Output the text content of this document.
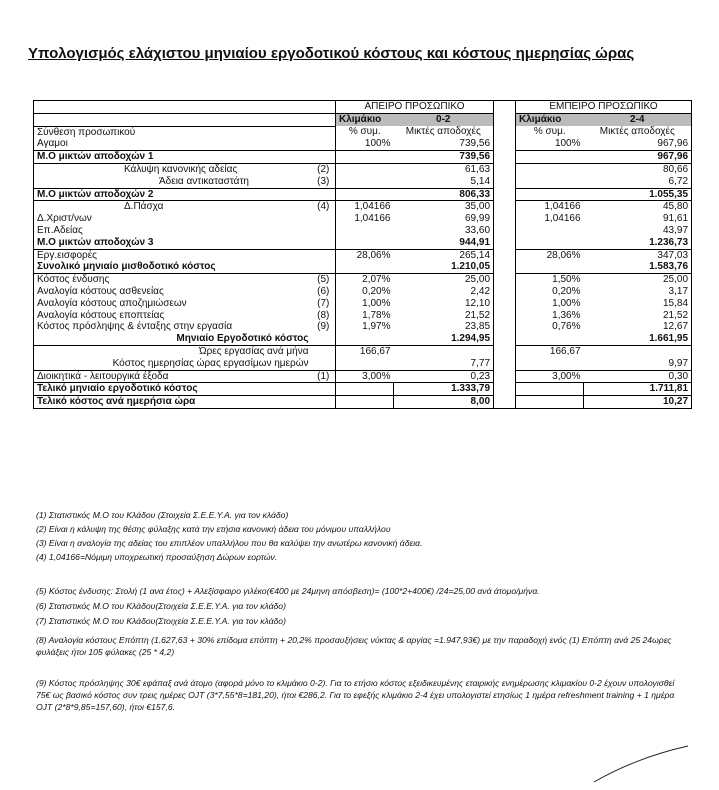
Υπολογισμός ελάχιστου μηνιαίου εργοδοτικού κόστους και κόστους ημερησίας ώρας
		ΑΠΕΙΡΟ ΠΡΟΣΩΠΙΚΟ			ΕΜΠΕΙΡΟ ΠΡΟΣΩΠΙΚΟ	
		Κλιμάκιο	0-2		Κλιμάκιο	2-4
Σύνθεση προσωπικού		% συμ.	Μικτές αποδοχές		% συμ.	Μικτές αποδοχές
Αγαμοι		100%	739,56		100%	967,96
Μ.Ο μικτών αποδοχών 1			739,56			967,96
Κάλυψη κανονικής αδείας	(2)		61,63			80,66
Άδεια αντικαταστάτη	(3)		5,14			6,72
Μ.Ο μικτών αποδοχών 2			806,33			1.055,35
Δ.Πάσχα	(4)	1,04166	35,00		1,04166	45,80
Δ.Χριστ/νων		1,04166	69,99		1,04166	91,61
Επ.Αδείας			33,60			43,97
Μ.Ο μικτών αποδοχών 3			944,91			1.236,73
Εργ.εισφορές		28,06%	265,14		28,06%	347,03
Συνολικό μηνιαίο μισθοδοτικό κόστος			1.210,05			1.583,76
Κόστος ένδυσης	(5)	2,07%	25,00		1,50%	25,00
Αναλογία κόστους ασθενείας	(6)	0,20%	2,42		0,20%	3,17
Αναλογία κόστους αποζημιώσεων	(7)	1,00%	12,10		1,00%	15,84
Αναλογία κόστους εποπτείας	(8)	1,78%	21,52		1,36%	21,52
Κόστος πρόσληψης & ένταξης στην εργασία	(9)	1,97%	23,85		0,76%	12,67
Μηνιαίο Εργοδοτικό κόστος			1.294,95			1.661,95
Ώρες εργασίας ανά μήνα		166,67			166,67	
Κόστος ημερησίας ώρας εργασίμων ημερών			7,77			9,97
Διοικητικά - λειτουργικά έξοδα	(1)	3,00%	0,23		3,00%	0,30
Τελικό μηνιαίο εργοδοτικό κόστος			1.333,79			1.711,81
Τελικό κόστος ανά ημερήσια ώρα			8,00			10,27
(1) Στατιστικός Μ.Ο του Κλάδου (Στοιχεία Σ.Ε.Ε.Υ.Α. για τον κλάδο)
(2) Είναι η κάλυψη της θέσης φύλαξης κατά την ετήσια κανονική άδεια του μόνιμου υπαλλήλου
(3) Είναι η αναλογία της αδείας του επιπλέον υπαλλήλου που θα καλύψει την ανωτέρω κανονική άδεια.
(4) 1,04166=Νόμιμη υποχρεωτική προσαύξηση Δώρων εορτών.
(5) Κόστος ένδυσης: Στολή (1 ανα έτος) + Αλεξίσφαιρο γιλέκο(€400 με 24μηνη απόσβεση)= (100*2+400€) /24=25,00 ανά άτομο/μήνα.
(6) Στατιστικός Μ.Ο του Κλάδου(Στοιχεία Σ.Ε.Ε.Υ.Α. για τον κλάδο)
(7) Στατιστικός Μ.Ο του Κλάδου(Στοιχεία Σ.Ε.Ε.Υ.Α. για τον κλάδο)
(8) Αναλογία κόστους Επόπτη (1.627,63 + 30% επίδομα επόπτη + 20,2% προσαυξήσεις νύκτας & αργίας =1.947,93€) με την παραδοχή ενός (1) Επόπτη ανά 25 24ωρες φυλάξεις ήτοι 105 φύλακες (25 * 4,2)
(9) Κόστος πρόσληψης 30€ εφάπαξ ανά άτομο (αφορά μόνο το κλιμάκιο 0-2). Για το ετήσιο κόστος εξειδικευμένης εταιρικής ενημέρωσης κλιμακίου 0-2 έχουν υπολογισθεί 75€ ως βασικό κόστος συν τρεις ημέρες OJT (3*7,55*8=181,20), ήτοι €286,2. Για το εφεξής κλιμάκιο 2-4 έχει υπολογιστεί ετησίως 1 ημέρα refreshment training + 1 ημέρα OJT (2*8*9,85=157,60), ήτοι €157,6.
